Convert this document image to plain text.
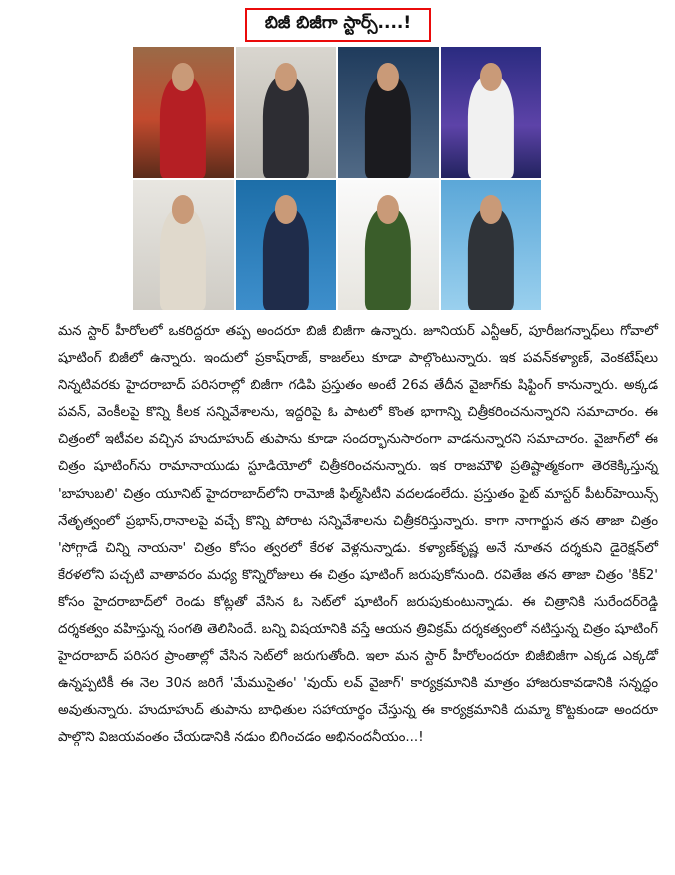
బిజీ బిజీగా స్టార్స్....!

మన స్టార్ హీరోలలో ఒకరిద్దరూ తప్ప అందరూ బిజీ బిజీగా ఉన్నారు. జూనియర్ ఎన్టీఆర్, పూరీజగన్నాధ్‌లు గోవాలో షూటింగ్ బిజీలో ఉన్నారు. ఇందులో ప్రకాష్‌రాజ్, కాజల్‌లు కూడా పాల్గొంటున్నారు. ఇక పవన్‌కళ్యాణ్, వెంకటేష్‌లు నిన్నటివరకు హైదరాబాద్ పరిసరాల్లో బిజీగా గడిపి ప్రస్తుతం అంటే 26వ తేదీన వైజాగ్‌కు షిఫ్టింగ్ కానున్నారు. అక్కడ పవన్, వెంకీలపై కొన్ని కీలక సన్నివేశాలను, ఇద్దరిపై ఓ పాటలో కొంత భాగాన్ని చిత్రీకరించనున్నారని సమాచారం. ఈ చిత్రంలో ఇటీవల వచ్చిన హుదూహుద్ తుపాను కూడా సందర్భానుసారంగా వాడనున్నారని సమాచారం. వైజాగ్‌లో ఈ చిత్రం షూటింగ్‌ను రామానాయుడు స్టూడియోలో చిత్రీకరించనున్నారు. ఇక రాజమౌళి ప్రతిష్టాత్మకంగా తెరకెక్కిస్తున్న 'బాహుబలి' చిత్రం యూనిట్ హైదరాబాద్‌లోని రామోజీ ఫిల్మ్‌సిటీని వదలడంలేదు. ప్రస్తుతం ఫైట్ మాస్టర్ పీటర్‌హెయిన్స్ నేతృత్వంలో ప్రభాస్,రానాలపై వచ్చే కొన్ని పోరాట సన్నివేశాలను చిత్రీకరిస్తున్నారు. కాగా నాగార్జున తన తాజా చిత్రం 'సోగ్గాడే చిన్ని నాయనా' చిత్రం కోసం త్వరలో కేరళ వెళ్లనున్నాడు. కళ్యాణ్‌కృష్ణ అనే నూతన దర్శకుని డైరెక్షన్‌లో కేరళలోని పచ్చటి వాతావరం మధ్య కొన్నిరోజులు ఈ చిత్రం షూటింగ్ జరుపుకోనుంది. రవితేజ తన తాజా చిత్రం 'కిక్2' కోసం హైదరాబాద్‌లో రెండు కోట్లతో వేసిన ఓ సెట్‌లో షూటింగ్ జరుపుకుంటున్నాడు. ఈ చిత్రానికి సురేందర్‌రెడ్డి దర్శకత్వం వహిస్తున్న సంగతి తెలిసిందే. బన్ని విషయానికి వస్తే ఆయన త్రివిక్రమ్ దర్శకత్వంలో నటిస్తున్న చిత్రం షూటింగ్ హైదరాబాద్ పరిసర ప్రాంతాల్లో వేసిన సెట్‌లో జరుగుతోంది. ఇలా మన స్టార్ హీరోలందరూ బిజీబిజీగా ఎక్కడ ఎక్కడో ఉన్నప్పటికీ ఈ నెల 30న జరిగే 'మేముసైతం' 'వుయ్ లవ్ వైజాగ్' కార్యక్రమానికి మాత్రం హాజరుకావడానికి సన్నద్ధం అవుతున్నారు. హుదూహుద్ తుపాను బాధితుల సహాయార్థం చేస్తున్న ఈ కార్యక్రమానికి దుమ్మా కొట్టకుండా అందరూ పాల్గొని విజయవంతం చేయడానికి నడుం బిగించడం అభినందనీయం...!
